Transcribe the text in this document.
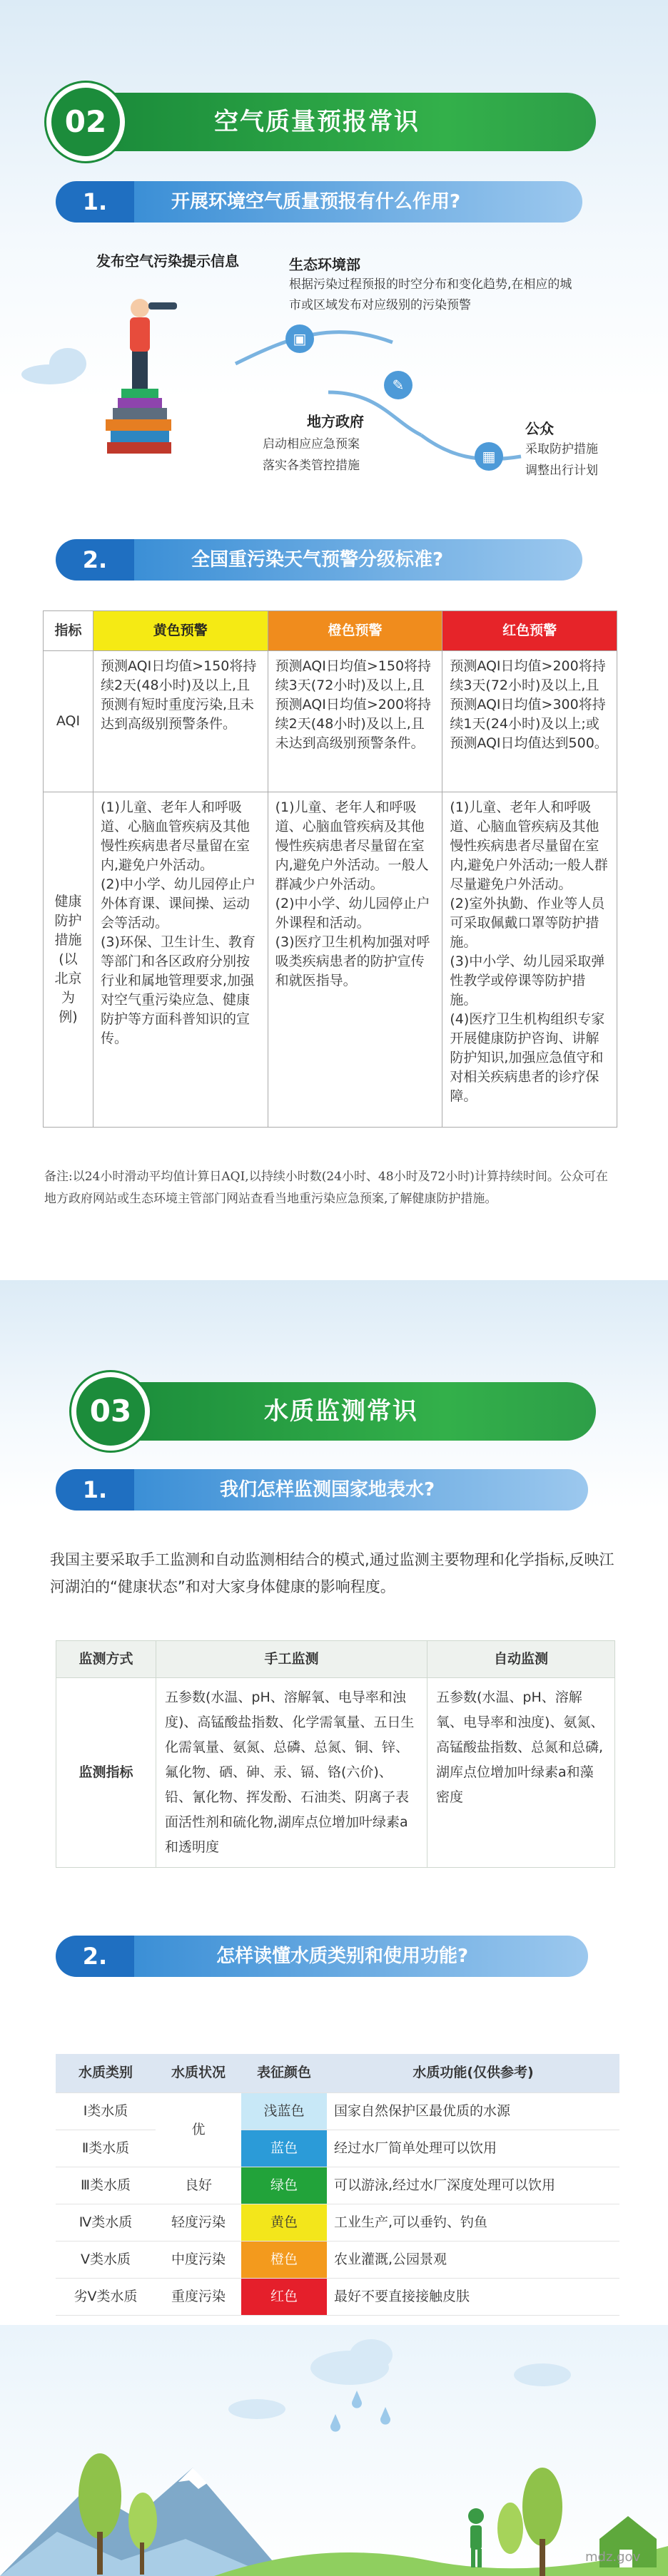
空气质量预报常识
02
1.	开展环境空气质量预报有什么作用?
发布空气污染提示信息	生态环境部
根据污染过程预报的时空分布和变化趋势,在相应的城市或区域发布对应级别的污染预警
▣
✎
地方政府
启动相应应急预案
落实各类管控措施
▦
公众
采取防护措施
调整出行计划
2.	全国重污染天气预警分级标准?
指标	黄色预警	橙色预警	红色预警
AQI	预测AQI日均值>150将持续2天(48小时)及以上,且预测有短时重度污染,且未达到高级别预警条件。	预测AQI日均值>150将持续3天(72小时)及以上,且预测AQI日均值>200将持续2天(48小时)及以上,且未达到高级别预警条件。	预测AQI日均值>200将持续3天(72小时)及以上,且预测AQI日均值>300将持续1天(24小时)及以上;或预测AQI日均值达到500。
健康防护措施(以北京为例)	(1)儿童、老年人和呼吸道、心脑血管疾病及其他慢性疾病患者尽量留在室内,避免户外活动。
(2)中小学、幼儿园停止户外体育课、课间操、运动会等活动。
(3)环保、卫生计生、教育等部门和各区政府分别按行业和属地管理要求,加强对空气重污染应急、健康防护等方面科普知识的宣传。	(1)儿童、老年人和呼吸道、心脑血管疾病及其他慢性疾病患者尽量留在室内,避免户外活动。一般人群减少户外活动。
(2)中小学、幼儿园停止户外课程和活动。
(3)医疗卫生机构加强对呼吸类疾病患者的防护宣传和就医指导。	(1)儿童、老年人和呼吸道、心脑血管疾病及其他慢性疾病患者尽量留在室内,避免户外活动;一般人群尽量避免户外活动。
(2)室外执勤、作业等人员可采取佩戴口罩等防护措施。
(3)中小学、幼儿园采取弹性教学或停课等防护措施。
(4)医疗卫生机构组织专家开展健康防护咨询、讲解防护知识,加强应急值守和对相关疾病患者的诊疗保障。
备注:以24小时滑动平均值计算日AQI,以持续小时数(24小时、48小时及72小时)计算持续时间。公众可在地方政府网站或生态环境主管部门网站查看当地重污染应急预案,了解健康防护措施。
水质监测常识
03
1.	我们怎样监测国家地表水?
我国主要采取手工监测和自动监测相结合的模式,通过监测主要物理和化学指标,反映江河湖泊的“健康状态”和对大家身体健康的影响程度。
监测方式	手工监测	自动监测
监测指标	五参数(水温、pH、溶解氧、电导率和浊度)、高锰酸盐指数、化学需氧量、五日生化需氧量、氨氮、总磷、总氮、铜、锌、氟化物、硒、砷、汞、镉、铬(六价)、铅、氰化物、挥发酚、石油类、阴离子表面活性剂和硫化物,湖库点位增加叶绿素a和透明度	五参数(水温、pH、溶解氧、电导率和浊度)、氨氮、高锰酸盐指数、总氮和总磷,湖库点位增加叶绿素a和藻密度
2.	怎样读懂水质类别和使用功能?
水质类别	水质状况	表征颜色	水质功能(仅供参考)
Ⅰ类水质	优	浅蓝色	国家自然保护区最优质的水源
Ⅱ类水质		蓝色	经过水厂简单处理可以饮用
Ⅲ类水质	良好	绿色	可以游泳,经过水厂深度处理可以饮用
Ⅳ类水质	轻度污染	黄色	工业生产,可以垂钓、钓鱼
Ⅴ类水质	中度污染	橙色	农业灌溉,公园景观
劣Ⅴ类水质	重度污染	红色	最好不要直接接触皮肤
mdz.gov
